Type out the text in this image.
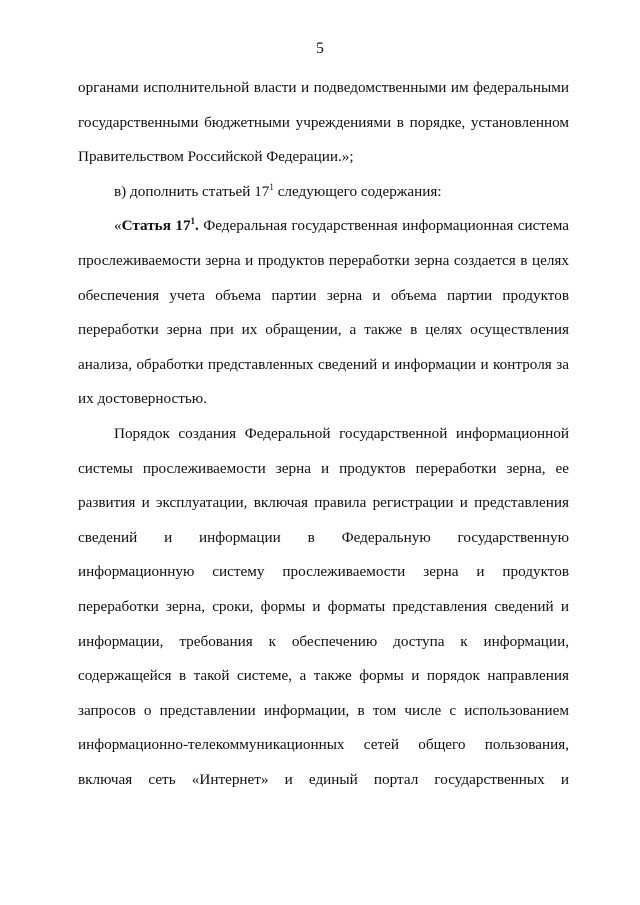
5

органами исполнительной власти и подведомственными им федеральными государственными бюджетными учреждениями в порядке, установленном Правительством Российской Федерации.»;

в) дополнить статьей $17^1$ следующего содержания:

«Статья $17^1$. Федеральная государственная информационная система прослеживаемости зерна и продуктов переработки зерна создается в целях обеспечения учета объема партии зерна и объема партии продуктов переработки зерна при их обращении, а также в целях осуществления анализа, обработки представленных сведений и информации и контроля за их достоверностью.

Порядок создания Федеральной государственной информационной системы прослеживаемости зерна и продуктов переработки зерна, ее развития и эксплуатации, включая правила регистрации и представления сведений и информации в Федеральную государственную информационную систему прослеживаемости зерна и продуктов переработки зерна, сроки, формы и форматы представления сведений и информации, требования к обеспечению доступа к информации, содержащейся в такой системе, а также формы и порядок направления запросов о представлении информации, в том числе с использованием информационно-телекоммуникационных сетей общего пользования, включая сеть «Интернет» и единый портал государственных и
